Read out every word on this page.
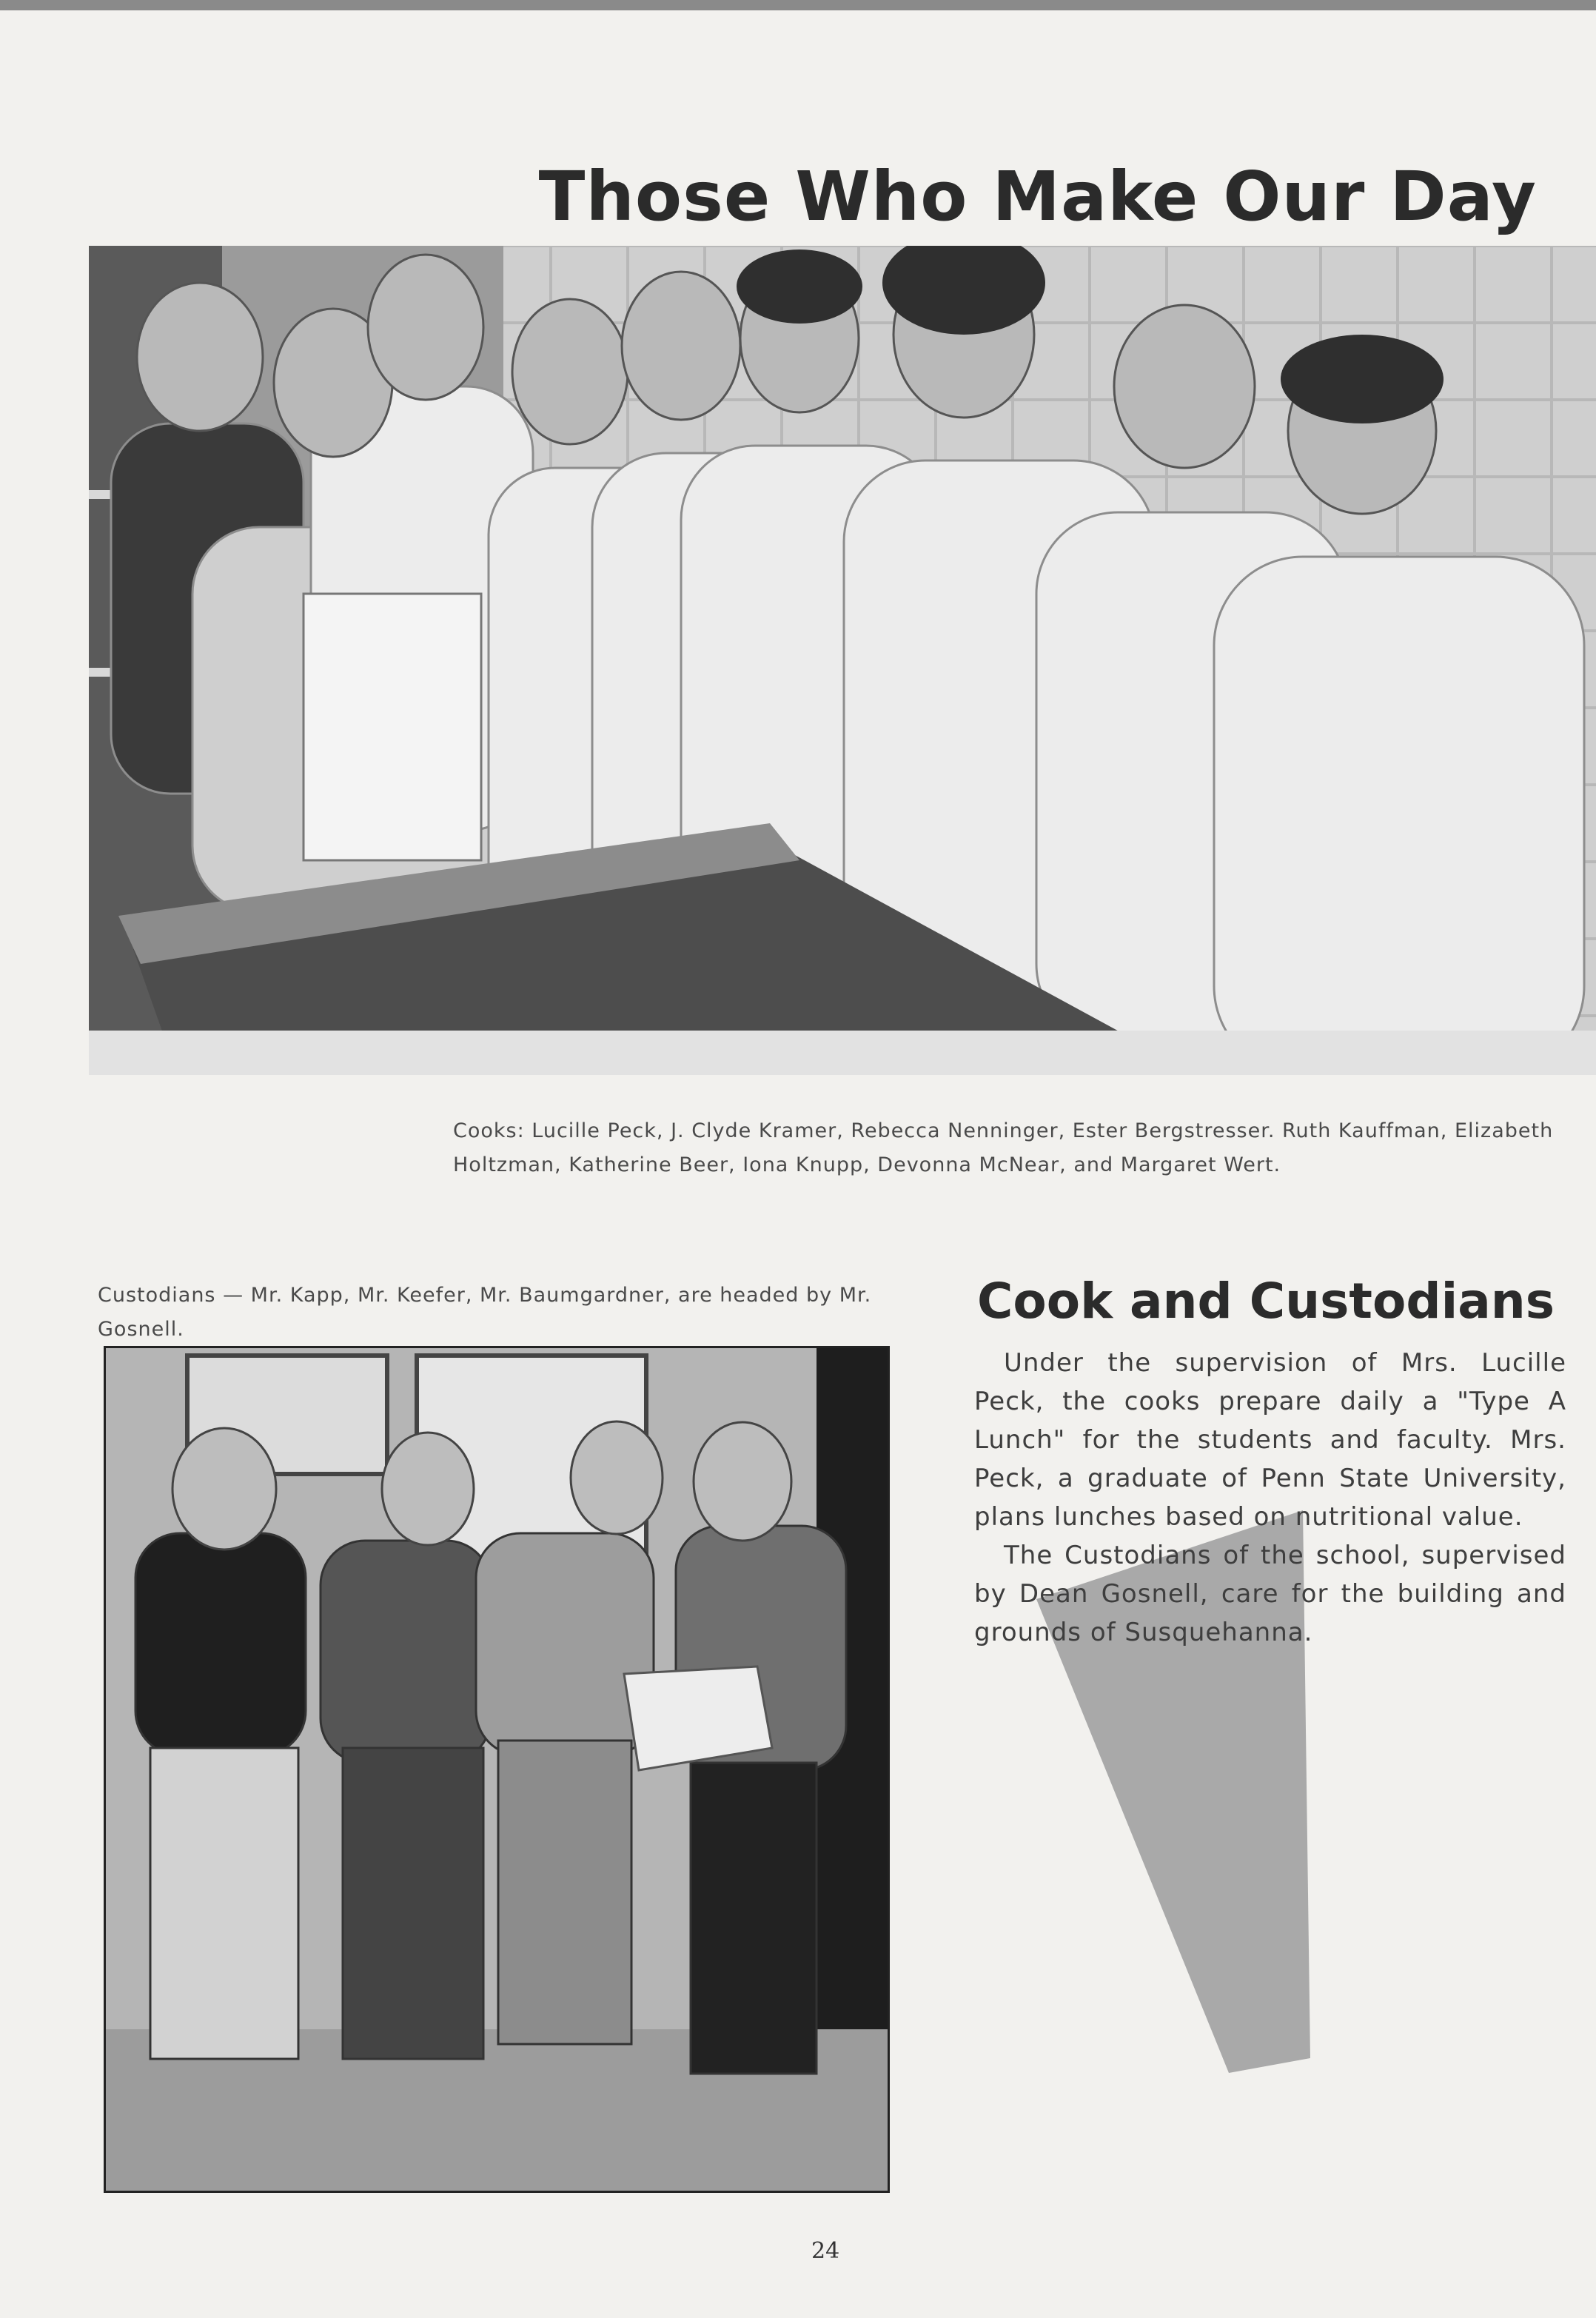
Those Who Make Our Day

Cooks: Lucille Peck, J. Clyde Kramer, Rebecca Nenninger, Ester Bergstresser. Ruth Kauffman, Elizabeth Holtzman, Katherine Beer, Iona Knupp, Devonna McNear, and Margaret Wert.

Custodians — Mr. Kapp, Mr. Keefer, Mr. Baumgardner, are headed by Mr. Gosnell.	Cook and Custodians

Under the supervision of Mrs. Lucille Peck, the cooks prepare daily a "Type A Lunch" for the students and faculty. Mrs. Peck, a graduate of Penn State University, plans lunches based on nutritional value.

The Custodians of the school, supervised by Dean Gosnell, care for the building and grounds of Susquehanna.

24
